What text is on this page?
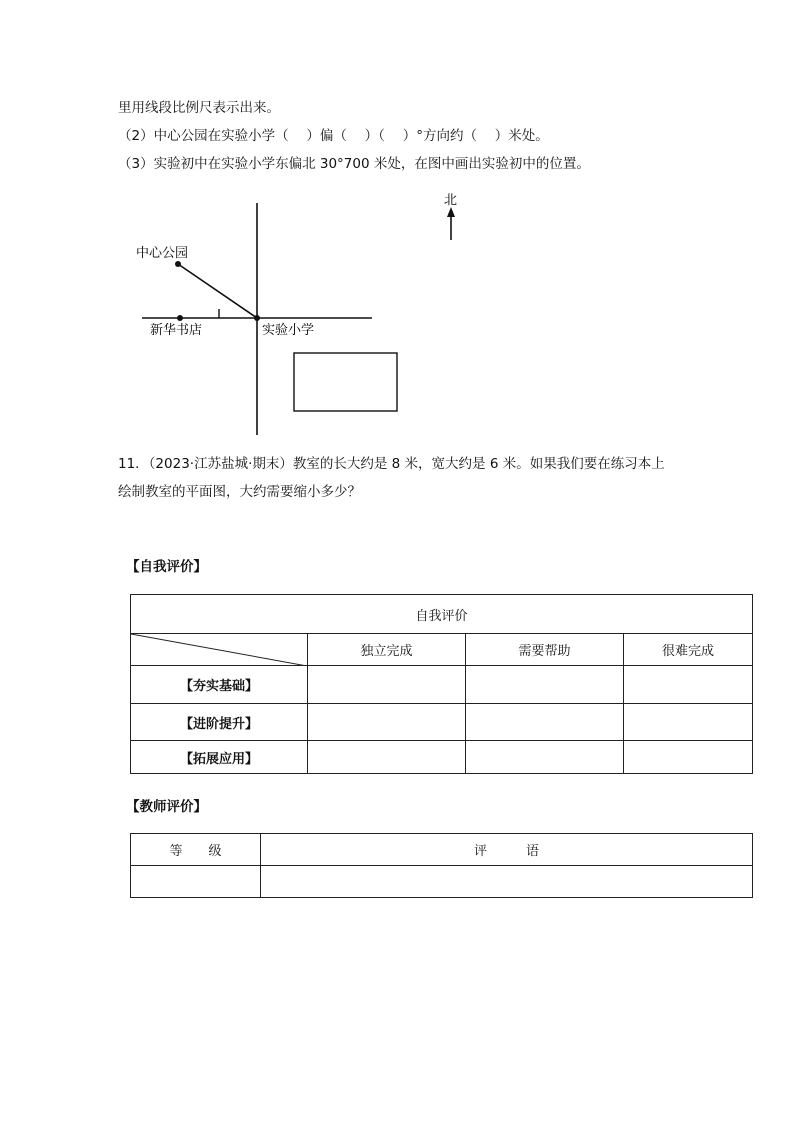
里用线段比例尺表示出来。
（2）中心公园在实验小学（　 ）偏（　 ）（　 ）°方向约（　 ）米处。
（3）实验初中在实验小学东偏北 30°700 米处，在图中画出实验初中的位置。
北
中心公园
新华书店	实验小学
11．（2023·江苏盐城·期末）教室的长大约是 8 米，宽大约是 6 米。如果我们要在练习本上
绘制教室的平面图，大约需要缩小多少？
【自我评价】
自我评价			

	独立完成	需要帮助	很难完成
【夯实基础】			
【进阶提升】			
【拓展应用】			
【教师评价】
等　　级	评　　　语
